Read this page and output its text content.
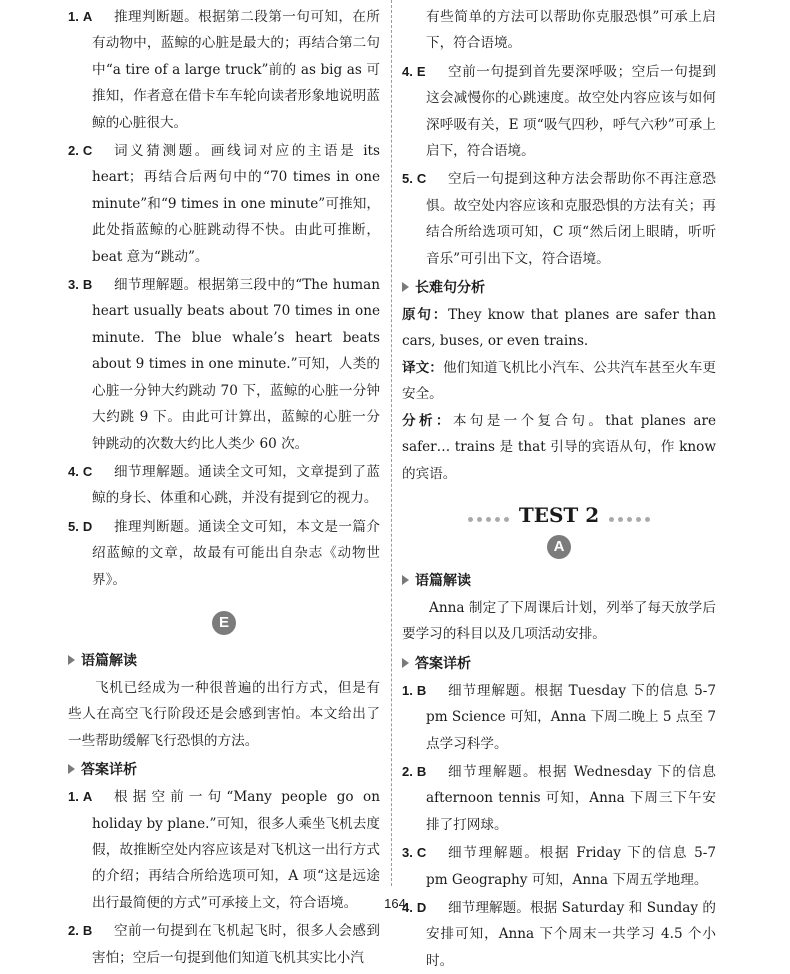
1. A 推理判断题。根据第二段第一句可知，在所有动物中，蓝鲸的心脏是最大的；再结合第二句中“a tire of a large truck”前的 as big as 可推知，作者意在借卡车车轮向读者形象地说明蓝鲸的心脏很大。
2. C 词义猜测题。画线词对应的主语是 its heart；再结合后两句中的“70 times in one minute”和“9 times in one minute”可推知，此处指蓝鲸的心脏跳动得不快。由此可推断，beat 意为“跳动”。
3. B 细节理解题。根据第三段中的“The human heart usually beats about 70 times in one minute. The blue whale’s heart beats about 9 times in one minute.”可知，人类的心脏一分钟大约跳动 70 下，蓝鲸的心脏一分钟大约跳 9 下。由此可计算出，蓝鲸的心脏一分钟跳动的次数大约比人类少 60 次。
4. C 细节理解题。通读全文可知，文章提到了蓝鲸的身长、体重和心跳，并没有提到它的视力。
5. D 推理判断题。通读全文可知，本文是一篇介绍蓝鲸的文章，故最有可能出自杂志《动物世界》。
E
语篇解读
飞机已经成为一种很普遍的出行方式，但是有些人在高空飞行阶段还是会感到害怕。本文给出了一些帮助缓解飞行恐惧的方法。
答案详析
1. A 根据空前一句“Many people go on holiday by plane.”可知，很多人乘坐飞机去度假，故推断空处内容应该是对飞机这一出行方式的介绍；再结合所给选项可知，A 项“这是远途出行最简便的方式”可承接上文，符合语境。
2. B 空前一句提到在飞机起飞时，很多人会感到害怕；空后一句提到他们知道飞机其实比小汽
有些简单的方法可以帮助你克服恐惧”可承上启下，符合语境。
4. E 空前一句提到首先要深呼吸；空后一句提到这会减慢你的心跳速度。故空处内容应该与如何深呼吸有关，E 项“吸气四秒，呼气六秒”可承上启下，符合语境。
5. C 空后一句提到这种方法会帮助你不再注意恐惧。故空处内容应该和克服恐惧的方法有关；再结合所给选项可知，C 项“然后闭上眼睛，听听音乐”可引出下文，符合语境。
长难句分析
原句：They know that planes are safer than cars, buses, or even trains.
译文：他们知道飞机比小汽车、公共汽车甚至火车更安全。
分析：本句是一个复合句。that planes are safer… trains 是 that 引导的宾语从句，作 know 的宾语。
TEST 2
A
语篇解读
Anna 制定了下周课后计划，列举了每天放学后要学习的科目以及几项活动安排。
答案详析
1. B 细节理解题。根据 Tuesday 下的信息 5-7 pm Science 可知，Anna 下周二晚上 5 点至 7 点学习科学。
2. B 细节理解题。根据 Wednesday 下的信息 afternoon tennis 可知，Anna 下周三下午安排了打网球。
3. C 细节理解题。根据 Friday 下的信息 5-7 pm Geography 可知，Anna 下周五学地理。
4. D 细节理解题。根据 Saturday 和 Sunday 的安排可知，Anna 下个周末一共学习 4.5 个小时。
164
